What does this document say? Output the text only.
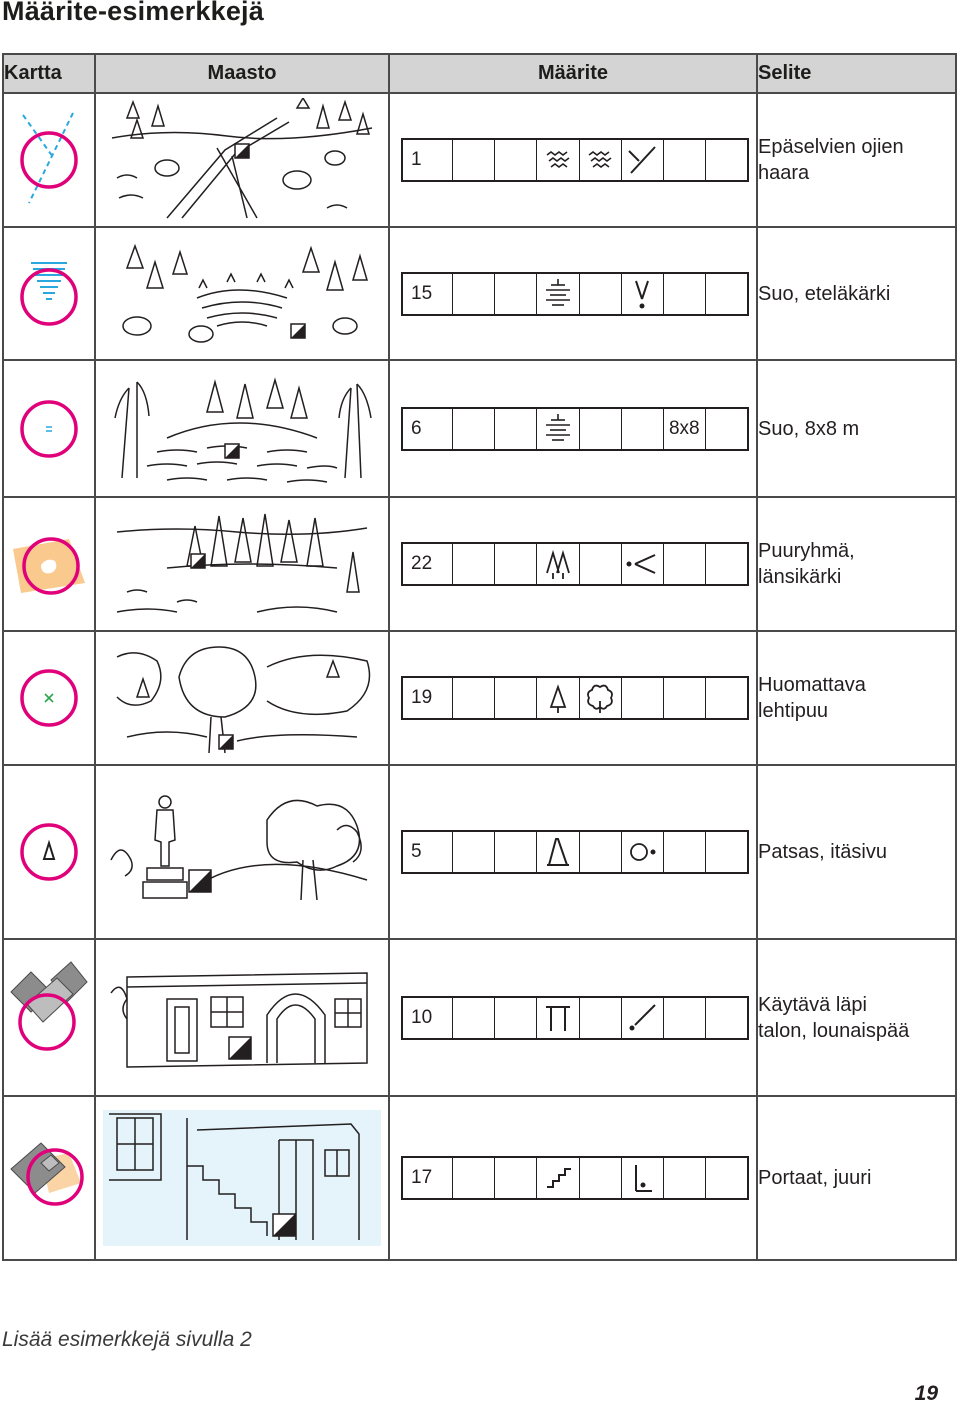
Määrite-esimerkkejä
Kartta	Maasto	Määrite	Selite

1	Epäselvien ojien
haara

15	Suo, eteläkärki

6 8x8	Suo, 8x8 m

22	Puuryhmä,
länsikärki

19	Huomattava
lehtipuu

5	Patsas, itäsivu

10	Käytävä läpi
talon, lounaispää

17	Portaat, juuri
Lisää esimerkkejä sivulla 2
19
